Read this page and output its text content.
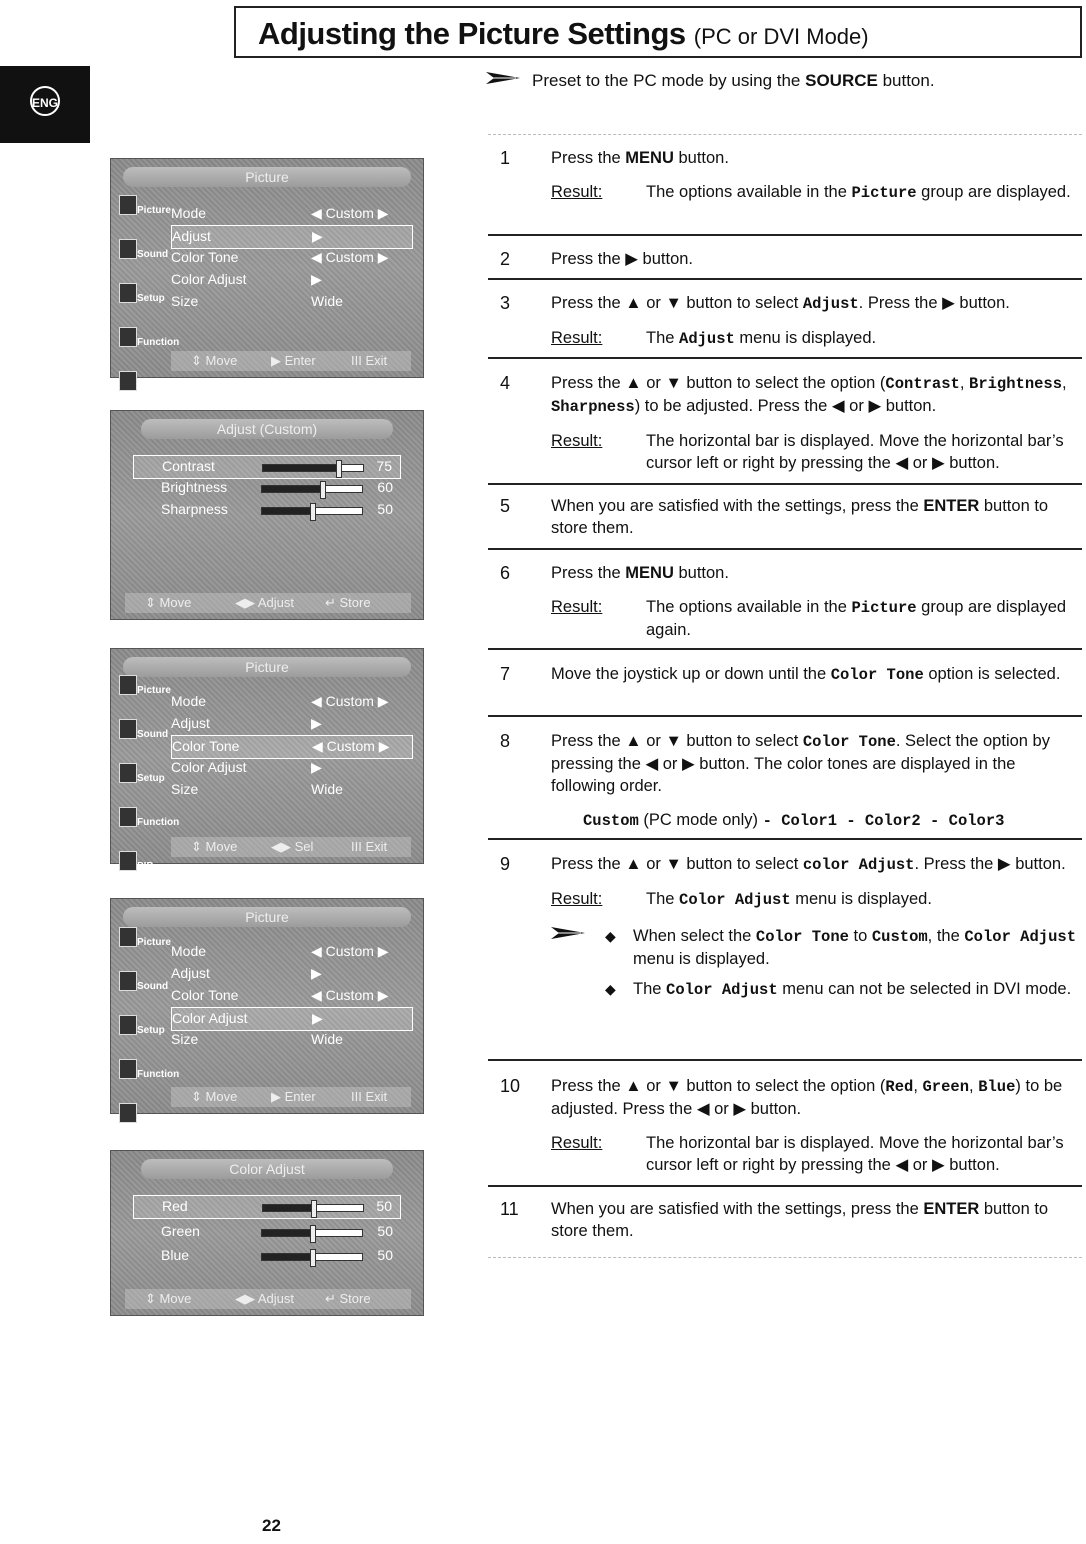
Adjusting the Picture Settings (PC or DVI Mode)
ENG
Preset to the PC mode by using the SOURCE button.
1 Press the MENU button.
Result:	The options available in the Picture group are displayed.
2 Press the ▶ button.
3 Press the ▲ or ▼ button to select Adjust. Press the ▶ button.
Result:	The Adjust menu is displayed.
4 Press the ▲ or ▼ button to select the option (Contrast, Brightness, Sharpness) to be adjusted. Press the ◀ or ▶ button.
Result:	The horizontal bar is displayed. Move the horizontal bar’s cursor left or right by pressing the ◀ or ▶ button.
5 When you are satisfied with the settings, press the ENTER button to store them.
6 Press the MENU button.
Result:	The options available in the Picture group are displayed again.
7 Move the joystick up or down until the Color Tone option is selected.
8 Press the ▲ or ▼ button to select Color Tone. Select the option by pressing the ◀ or ▶ button. The color tones are displayed in the following order.
Custom (PC mode only) - Color1 - Color2 - Color3
9 Press the ▲ or ▼ button to select color Adjust. Press the ▶ button.
Result:	The Color Adjust menu is displayed.
◆ When select the Color Tone to Custom, the Color Adjust menu is displayed.
◆ The Color Adjust menu can not be selected in DVI mode.
10 Press the ▲ or ▼ button to select the option (Red, Green, Blue) to be adjusted. Press the ◀ or ▶ button.
Result:	The horizontal bar is displayed. Move the horizontal bar’s cursor left or right by pressing the ◀ or ▶ button.
11 When you are satisfied with the settings, press the ENTER button to store them.
Picture
Picture
Sound
Setup
Function
PIP
Mode	◀ Custom ▶
Adjust	▶
Color Tone	◀ Custom ▶
Color Adjust	▶
Size	Wide
⇕ Move	▶ Enter	III Exit
Adjust (Custom)
Contrast	75
Brightness	60
Sharpness	50
⇕ Move	◀▶ Adjust ↵ Store
Picture
Picture
Sound
Setup
Function
PIP
Mode	◀ Custom ▶
Adjust	▶
Color Tone	◀ Custom ▶
Color Adjust	▶
Size	Wide
⇕ Move	◀▶ Sel	III Exit
Picture
Picture
Sound
Setup
Function
PIP
Mode	◀ Custom ▶
Adjust	▶
Color Tone	◀ Custom ▶
Color Adjust	▶
Size	Wide
⇕ Move	▶ Enter	III Exit
Color Adjust
Red	50
Green	50
Blue	50
⇕ Move	◀▶ Adjust ↵ Store
22
